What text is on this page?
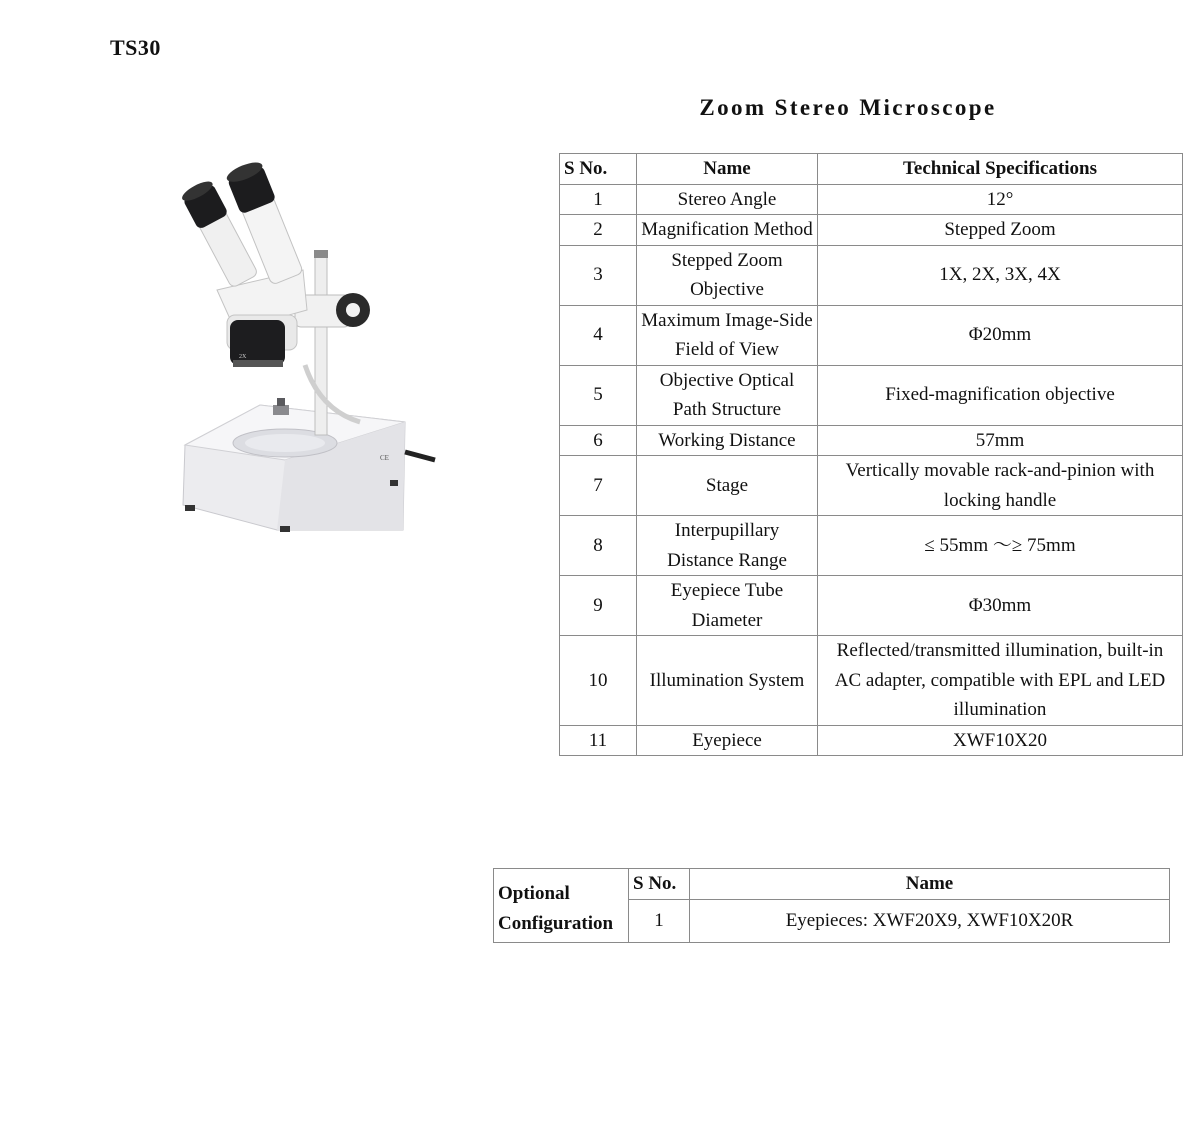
TS30
Zoom Stereo Microscope
CE
2X
S No.	Name	Technical Specifications
1	Stereo Angle	12°
2	Magnification Method	Stepped Zoom
3	Stepped Zoom Objective	1X, 2X, 3X, 4X
4	Maximum Image-Side Field of View	Φ20mm
5	Objective Optical Path Structure	Fixed-magnification objective
6	Working Distance	57mm
7	Stage	Vertically movable rack-and-pinion with locking handle
8	Interpupillary Distance Range	≤ 55mm ～≥ 75mm
9	Eyepiece Tube Diameter	Φ30mm
10	Illumination System	Reflected/transmitted illumination, built-in AC adapter, compatible with EPL and LED illumination
11	Eyepiece	XWF10X20
Optional Configuration	S No.	Name
	1	Eyepieces: XWF20X9, XWF10X20R
